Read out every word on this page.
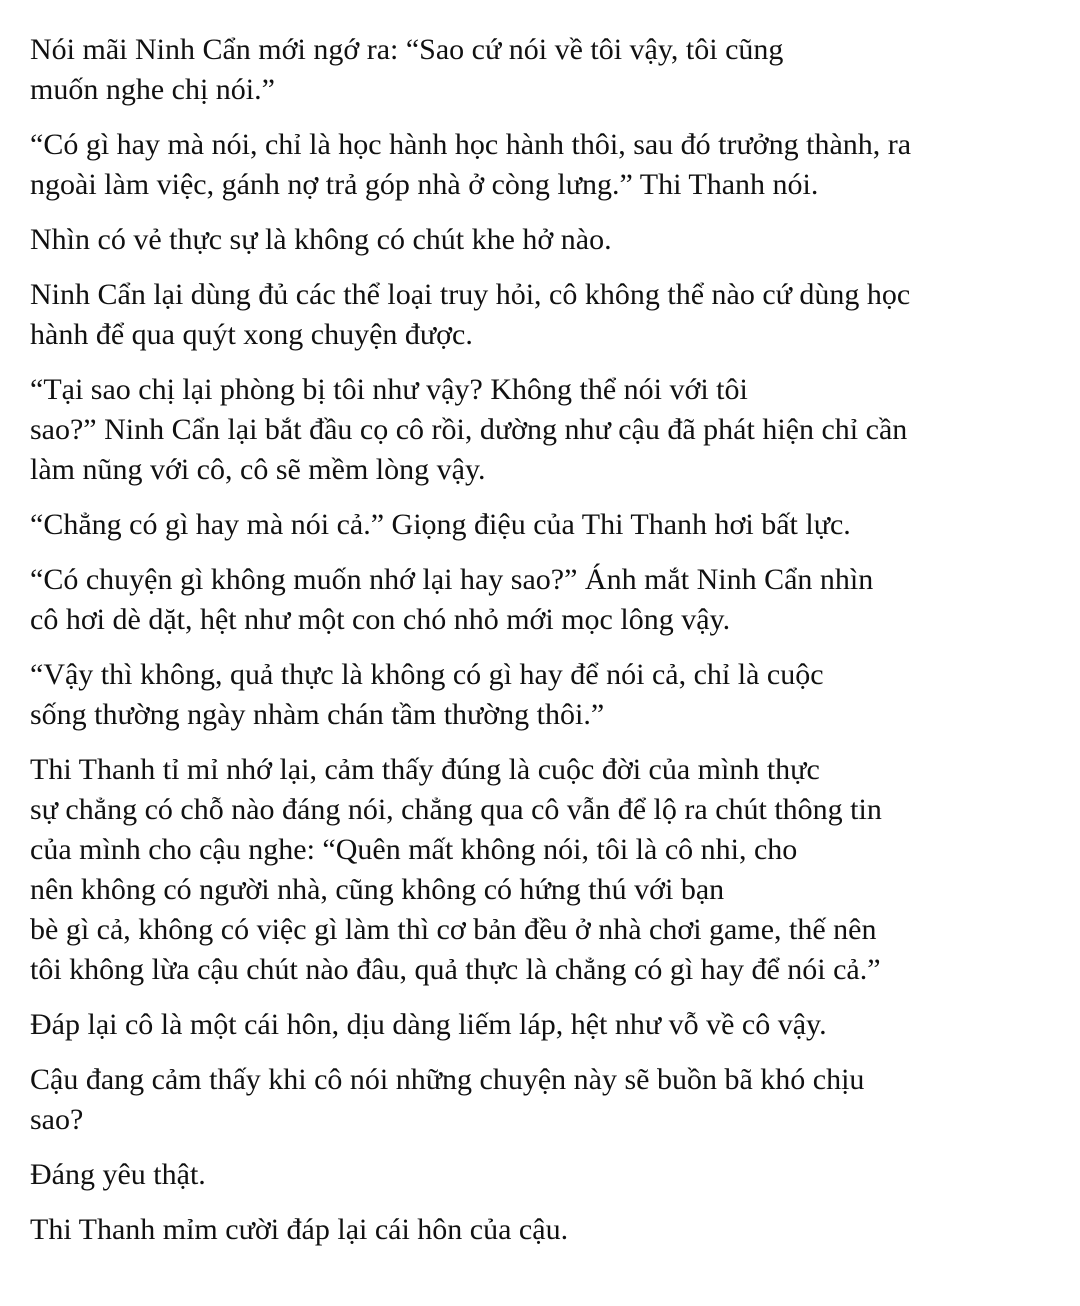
Nói mãi Ninh Cẩn mới ngớ ra: “Sao cứ nói về tôi vậy, tôi cũng
muốn nghe chị nói.”

“Có gì hay mà nói, chỉ là học hành học hành thôi, sau đó trưởng thành, ra
ngoài làm việc, gánh nợ trả góp nhà ở còng lưng.” Thi Thanh nói.

Nhìn có vẻ thực sự là không có chút khe hở nào.

Ninh Cẩn lại dùng đủ các thể loại truy hỏi, cô không thể nào cứ dùng học
hành để qua quýt xong chuyện được.

“Tại sao chị lại phòng bị tôi như vậy? Không thể nói với tôi
sao?” Ninh Cẩn lại bắt đầu cọ cô rồi, dường như cậu đã phát hiện chỉ cần
làm nũng với cô, cô sẽ mềm lòng vậy.

“Chẳng có gì hay mà nói cả.” Giọng điệu của Thi Thanh hơi bất lực.

“Có chuyện gì không muốn nhớ lại hay sao?” Ánh mắt Ninh Cẩn nhìn
cô hơi dè dặt, hệt như một con chó nhỏ mới mọc lông vậy.

“Vậy thì không, quả thực là không có gì hay để nói cả, chỉ là cuộc
sống thường ngày nhàm chán tầm thường thôi.”

Thi Thanh tỉ mỉ nhớ lại, cảm thấy đúng là cuộc đời của mình thực
sự chẳng có chỗ nào đáng nói, chẳng qua cô vẫn để lộ ra chút thông tin
của mình cho cậu nghe: “Quên mất không nói, tôi là cô nhi, cho
nên không có người nhà, cũng không có hứng thú với bạn
bè gì cả, không có việc gì làm thì cơ bản đều ở nhà chơi game, thế nên
tôi không lừa cậu chút nào đâu, quả thực là chẳng có gì hay để nói cả.”

Đáp lại cô là một cái hôn, dịu dàng liếm láp, hệt như vỗ về cô vậy.

Cậu đang cảm thấy khi cô nói những chuyện này sẽ buồn bã khó chịu
sao?

Đáng yêu thật.

Thi Thanh mỉm cười đáp lại cái hôn của cậu.
